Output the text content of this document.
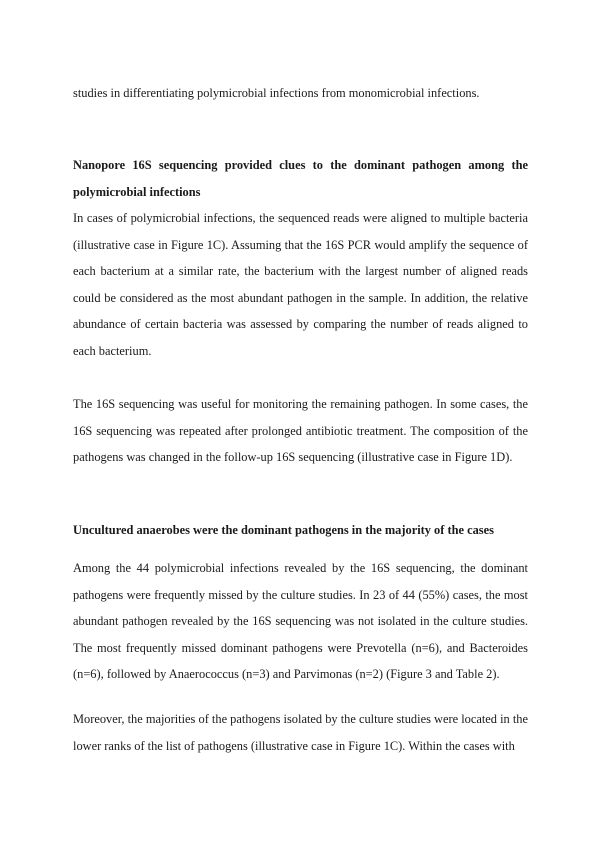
studies in differentiating polymicrobial infections from monomicrobial infections.

Nanopore 16S sequencing provided clues to the dominant pathogen among the polymicrobial infections

In cases of polymicrobial infections, the sequenced reads were aligned to multiple bacteria (illustrative case in Figure 1C). Assuming that the 16S PCR would amplify the sequence of each bacterium at a similar rate, the bacterium with the largest number of aligned reads could be considered as the most abundant pathogen in the sample. In addition, the relative abundance of certain bacteria was assessed by comparing the number of reads aligned to each bacterium.

The 16S sequencing was useful for monitoring the remaining pathogen. In some cases, the 16S sequencing was repeated after prolonged antibiotic treatment. The composition of the pathogens was changed in the follow-up 16S sequencing (illustrative case in Figure 1D).

Uncultured anaerobes were the dominant pathogens in the majority of the cases

Among the 44 polymicrobial infections revealed by the 16S sequencing, the dominant pathogens were frequently missed by the culture studies. In 23 of 44 (55%) cases, the most abundant pathogen revealed by the 16S sequencing was not isolated in the culture studies. The most frequently missed dominant pathogens were Prevotella (n=6), and Bacteroides (n=6), followed by Anaerococcus (n=3) and Parvimonas (n=2) (Figure 3 and Table 2).

Moreover, the majorities of the pathogens isolated by the culture studies were located in the lower ranks of the list of pathogens (illustrative case in Figure 1C). Within the cases with
